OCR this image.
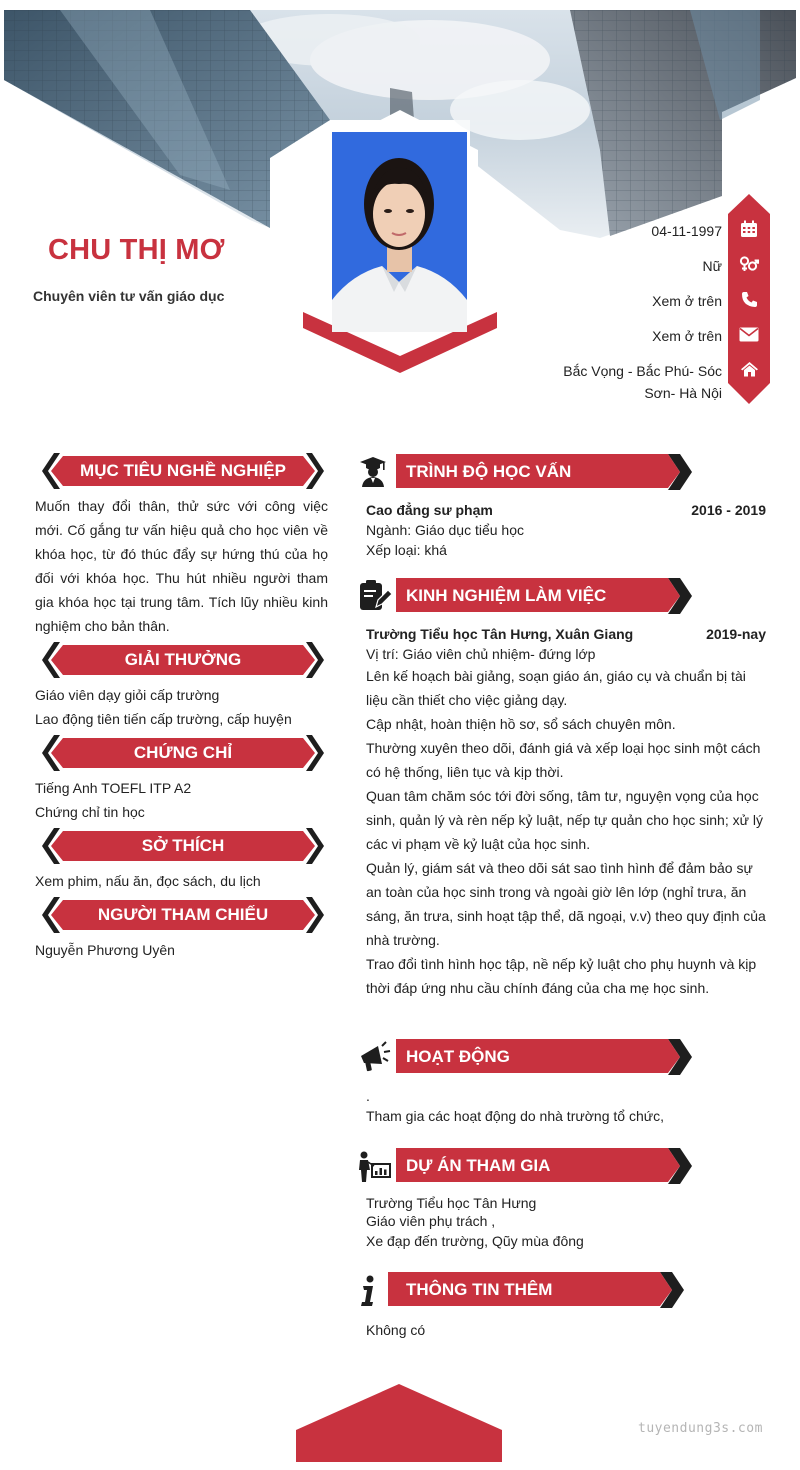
CHU THỊ MƠ
Chuyên viên tư vấn giáo dục
04-11-1997
Nữ
Xem ở trên
Xem ở trên
Bắc Vọng - Bắc Phú- Sóc
Sơn- Hà Nội
MỤC TIÊU NGHỀ NGHIỆP
Muốn thay đổi thân, thử sức với công việc mới. Cố gắng tư vấn hiệu quả cho học viên về khóa học, từ đó thúc đẩy sự hứng thú của họ đối với khóa học. Thu hút nhiều người tham gia khóa học tại trung tâm. Tích lũy nhiều kinh nghiệm cho bản thân.
GIẢI THƯỞNG
Giáo viên dạy giỏi cấp trường
Lao động tiên tiến cấp trường, cấp huyện
CHỨNG CHỈ
Tiếng Anh TOEFL ITP A2
Chứng chỉ tin học
SỞ THÍCH
Xem phim, nấu ăn, đọc sách, du lịch
NGƯỜI THAM CHIẾU
Nguyễn Phương Uyên
TRÌNH ĐỘ HỌC VẤN
Cao đẳng sư phạm	2016 - 2019
Ngành: Giáo dục tiểu học
Xếp loại: khá
KINH NGHIỆM LÀM VIỆC
Trường Tiểu học Tân Hưng, Xuân Giang	2019-nay
Vị trí: Giáo viên chủ nhiệm- đứng lớp
Lên kế hoạch bài giảng, soạn giáo án, giáo cụ và chuẩn bị tài liệu cần thiết cho việc giảng dạy.
Cập nhật, hoàn thiện hồ sơ, sổ sách chuyên môn.
Thường xuyên theo dõi, đánh giá và xếp loại học sinh một cách có hệ thống, liên tục và kịp thời.
Quan tâm chăm sóc tới đời sống, tâm tư, nguyện vọng của học sinh, quản lý và rèn nếp kỷ luật, nếp tự quản cho học sinh; xử lý các vi phạm về kỷ luật của học sinh.
Quản lý, giám sát và theo dõi sát sao tình hình để đảm bảo sự an toàn của học sinh trong và ngoài giờ lên lớp (nghỉ trưa, ăn sáng, ăn trưa, sinh hoạt tập thể, dã ngoại, v.v) theo quy định của nhà trường.
Trao đổi tình hình học tập, nề nếp kỷ luật cho phụ huynh và kịp thời đáp ứng nhu cầu chính đáng của cha mẹ học sinh.
HOẠT ĐỘNG
.
Tham gia các hoạt động do nhà trường tổ chức,
DỰ ÁN THAM GIA
Trường Tiểu học Tân Hưng
Giáo viên phụ trách ,
Xe đạp đến trường, Qũy mùa đông
THÔNG TIN THÊM
Không có
tuyendung3s.com
